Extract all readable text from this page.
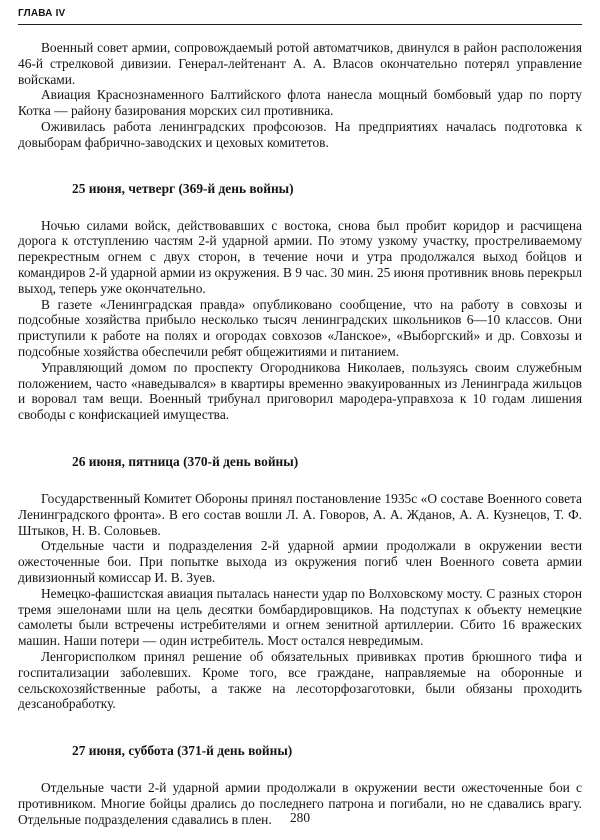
ГЛАВА IV

Военный совет армии, сопровождаемый ротой автоматчиков, двинулся в район расположения 46-й стрелковой дивизии. Генерал-лейтенант А. А. Власов окончательно потерял управление войсками.

Авиация Краснознаменного Балтийского флота нанесла мощный бомбовый удар по порту Котка — району базирования морских сил противника.

Оживилась работа ленинградских профсоюзов. На предприятиях началась подготовка к довыборам фабрично-заводских и цеховых комитетов.

25 июня, четверг (369-й день войны)

Ночью силами войск, действовавших с востока, снова был пробит коридор и расчищена дорога к отступлению частям 2-й ударной армии. По этому узкому участку, простреливаемому перекрестным огнем с двух сторон, в течение ночи и утра продолжался выход бойцов и командиров 2-й ударной армии из окружения. В 9 час. 30 мин. 25 июня противник вновь перекрыл выход, теперь уже окончательно.

В газете «Ленинградская правда» опубликовано сообщение, что на работу в совхозы и подсобные хозяйства прибыло несколько тысяч ленинградских школьников 6—10 классов. Они приступили к работе на полях и огородах совхозов «Ланское», «Выборгский» и др. Совхозы и подсобные хозяйства обеспечили ребят общежитиями и питанием.

Управляющий домом по проспекту Огородникова Николаев, пользуясь своим служебным положением, часто «наведывался» в квартиры временно эвакуированных из Ленинграда жильцов и воровал там вещи. Военный трибунал приговорил мародера-управхоза к 10 годам лишения свободы с конфискацией имущества.

26 июня, пятница (370-й день войны)

Государственный Комитет Обороны принял постановление 1935с «О составе Военного совета Ленинградского фронта». В его состав вошли Л. А. Говоров, А. А. Жданов, А. А. Кузнецов, Т. Ф. Штыков, Н. В. Соловьев.

Отдельные части и подразделения 2-й ударной армии продолжали в окружении вести ожесточенные бои. При попытке выхода из окружения погиб член Военного совета армии дивизионный комиссар И. В. Зуев.

Немецко-фашистская авиация пыталась нанести удар по Волховскому мосту. С разных сторон тремя эшелонами шли на цель десятки бомбардировщиков. На подступах к объекту немецкие самолеты были встречены истребителями и огнем зенитной артиллерии. Сбито 16 вражеских машин. Наши потери — один истребитель. Мост остался невредимым.

Ленгорисполком принял решение об обязательных прививках против брюшного тифа и госпитализации заболевших. Кроме того, все граждане, направляемые на оборонные и сельскохозяйственные работы, а также на лесоторфозаготовки, были обязаны проходить дезсанобработку.

27 июня, суббота (371-й день войны)

Отдельные части 2-й ударной армии продолжали в окружении вести ожесточенные бои с противником. Многие бойцы дрались до последнего патрона и погибали, но не сдавались врагу. Отдельные подразделения сдавались в плен.	280
